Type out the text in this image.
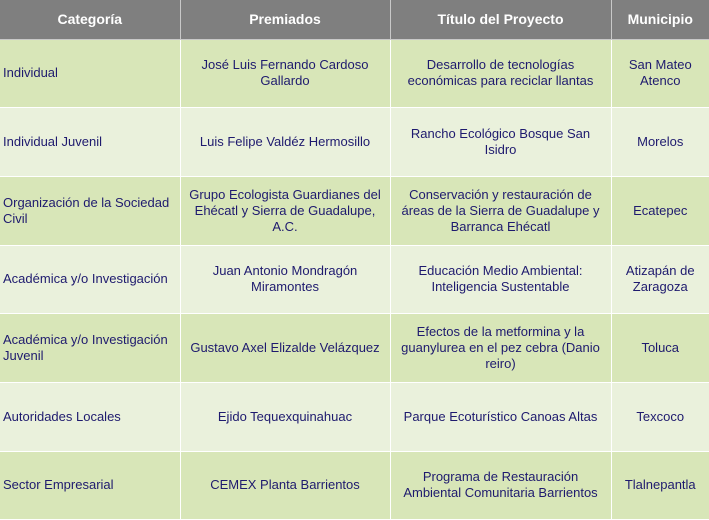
Categoría	Premiados	Título del Proyecto	Municipio
Individual	José Luis Fernando Cardoso Gallardo	Desarrollo de tecnologías económicas para reciclar llantas	San Mateo Atenco
Individual Juvenil	Luis Felipe Valdéz Hermosillo	Rancho Ecológico Bosque San Isidro	Morelos
Organización de la Sociedad Civil	Grupo Ecologista Guardianes del Ehécatl y Sierra de Guadalupe, A.C.	Conservación y restauración de áreas de la Sierra de Guadalupe y Barranca Ehécatl	Ecatepec
Académica y/o Investigación	Juan Antonio Mondragón Miramontes	Educación Medio Ambiental: Inteligencia Sustentable	Atizapán de Zaragoza
Académica y/o Investigación Juvenil	Gustavo Axel Elizalde Velázquez	Efectos de la metformina y la guanylurea en el pez cebra (Danio reiro)	Toluca
Autoridades Locales	Ejido Tequexquinahuac	Parque Ecoturístico Canoas Altas	Texcoco
Sector Empresarial	CEMEX Planta Barrientos	Programa de Restauración Ambiental Comunitaria Barrientos	Tlalnepantla
